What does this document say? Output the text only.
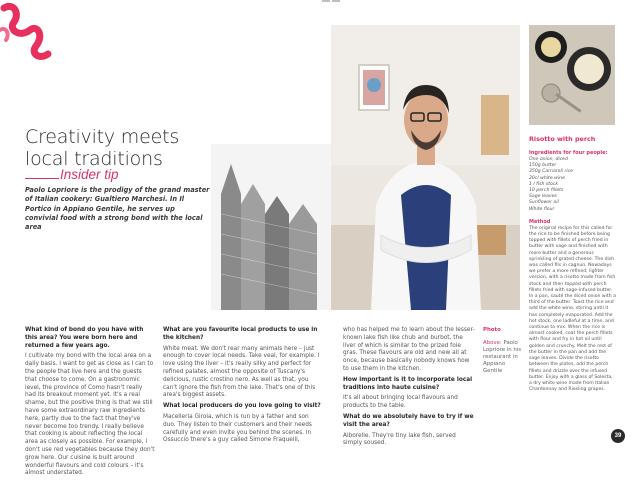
Creativity meets local traditions
Insider tip

Paolo Lopriore is the prodigy of the grand master of Italian cookery: Gualtiero Marchesi. In Il Portico in Appiano Gentile, he serves up convivial food with a strong bond with the local area

What kind of bond do you have with this area? You were born here and returned a few years ago.

I cultivate my bond with the local area on a daily basis. I want to get as close as I can to the people that live here and the guests that choose to come. On a gastronomic level, the province of Como hasn't really had its breakout moment yet. It's a real shame, but the positive thing is that we still have some extraordinary raw ingredients here, partly due to the fact that they've never become too trendy. I really believe that cooking is about reflecting the local area as closely as possible. For example, I don't use red vegetables because they don't grow here. Our cuisine is built around wonderful flavours and cold colours – it's almost understated.

What are you favourite local products to use in the kitchen?

White meat. We don't rear many animals here – just enough to cover local needs. Take veal, for example. I love using the liver – it's really silky and perfect for refined palates, almost the opposite of Tuscany's delicious, rustic crostino nero. As well as that, you can't ignore the fish from the lake. That's one of this area's biggest assets.

What local producers do you love going to visit?

Macelleria Girola, which is run by a father and son duo. They listen to their customers and their needs carefully and even invite you behind the scenes. In Ossuccio there's a guy called Simone Fraquelli,

who has helped me to learn about the lesser-known lake fish like chub and burbot, the liver of which is similar to the prized foie gras. These flavours are old and new all at once, because basically nobody knows how to use them in the kitchen.

How important is it to incorporate local traditions into haute cuisine?

It's all about bringing local flavours and products to the table.

What do we absolutely have to try if we visit the area?

Alborelle. They're tiny lake fish, served simply soused.

Photo
Above: Paolo Lopriore in his restaurant in Appiano Gentile
Risotto with perch
Ingredients for four people:
One onion, diced
150g butter
350g Carnaroli rice
20cl white wine
1 l fish stock
10 perch fillets
Sage leaves
Sunflower oil
White flour
Method

The original recipe for this called for the rice to be finished before being topped with fillets of perch fried in butter with sage and finished with more butter and a generous sprinkling of grated cheese. The dish was called fils in cagnun. Nowadays we prefer a more refined, lighter version, with a risotto made from fish stock and then topped with perch fillets fried with sage-infused butter. In a pan, sauté the diced onion with a third of the butter. Toast the rice and add the white wine, stirring until it has completely evaporated. Add the hot stock, one ladleful at a time, and continue to mix. When the rice is almost cooked, coat the perch fillets with flour and fry in hot oil until golden and crunchy. Melt the rest of the butter in the pan and add the sage leaves. Divide the risotto between the plates, add the perch fillets and drizzle over the infused butter. Enjoy with a glass of Solesta, a dry white wine made from Italian Chardonnay and Riesling grapes.

39
